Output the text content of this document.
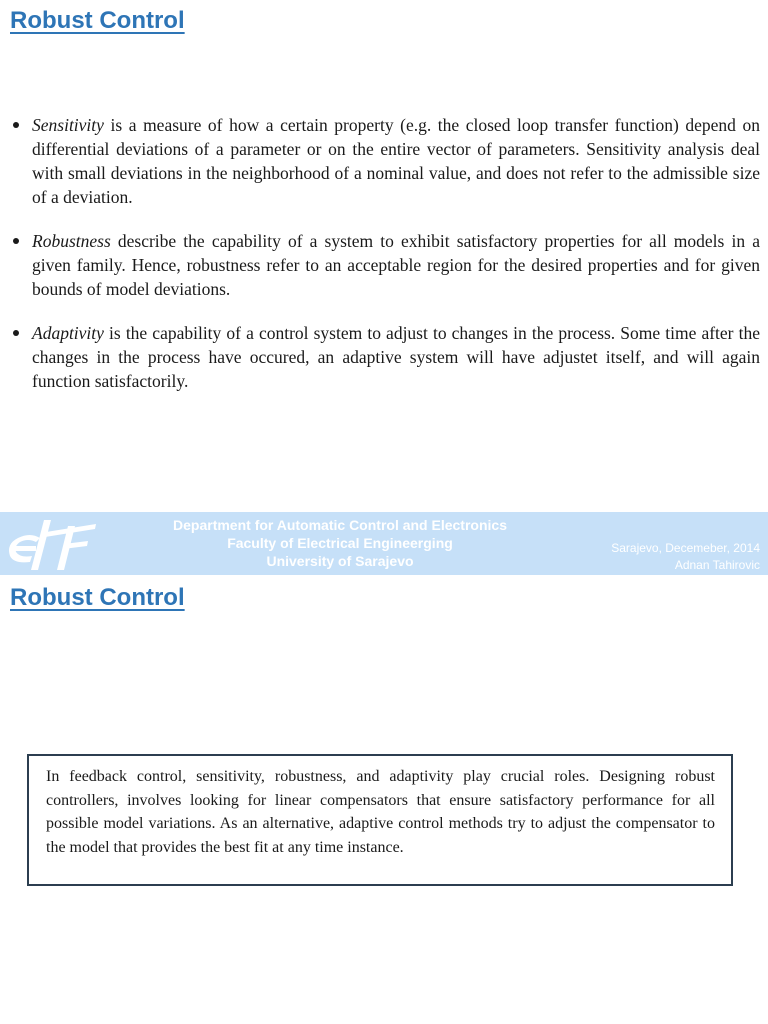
Robust Control
Sensitivity is a measure of how a certain property (e.g. the closed loop transfer function) depend on differential deviations of a parameter or on the entire vector of parameters. Sensitivity analysis deal with small deviations in the neighborhood of a nominal value, and does not refer to the admissible size of a deviation.
Robustness describe the capability of a system to exhibit satisfactory properties for all models in a given family. Hence, robustness refer to an acceptable region for the desired properties and for given bounds of model deviations.
Adaptivity is the capability of a control system to adjust to changes in the process. Some time after the changes in the process have occured, an adaptive system will have adjustet itself, and will again function satisfactorily.
Department for Automatic Control and Electronics
Faculty of Electrical Engineerging
University of Sarajevo
Sarajevo, Decemeber, 2014
Adnan Tahirovic
Robust Control
In feedback control, sensitivity, robustness, and adaptivity play crucial roles. Designing robust controllers, involves looking for linear compensators that ensure satisfactory performance for all possible model variations. As an alternative, adaptive control methods try to adjust the compensator to the model that provides the best fit at any time instance.
